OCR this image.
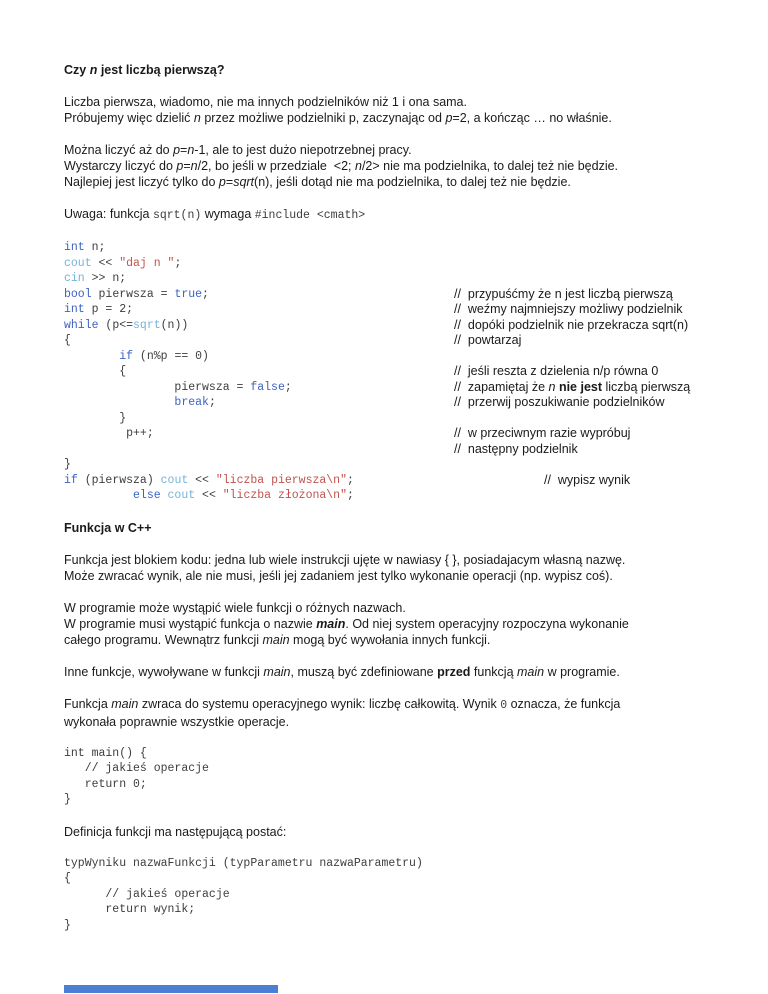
Czy n jest liczbą pierwszą?
Liczba pierwsza, wiadomo, nie ma innych podzielników niż 1 i ona sama.
Próbujemy więc dzielić n przez możliwe podzielniki p, zaczynając od p=2, a kończąc … no właśnie.
Można liczyć aż do p=n-1, ale to jest dużo niepotrzebnej pracy.
Wystarczy liczyć do p=n/2, bo jeśli w przedziale  <2; n/2> nie ma podzielnika, to dalej też nie będzie.
Najlepiej jest liczyć tylko do p=sqrt(n), jeśli dotąd nie ma podzielnika, to dalej też nie będzie.
Uwaga: funkcja sqrt(n) wymaga #include <cmath>
int n;
cout << "daj n ";
cin >> n;
bool pierwsza = true;	//  przypuśćmy że n jest liczbą pierwszą
int p = 2;	//  weźmy najmniejszy możliwy podzielnik
while (p<=sqrt(n))	//  dopóki podzielnik nie przekracza sqrt(n)
{	//  powtarzaj
if (n%p == 0)
{	//  jeśli reszta z dzielenia n/p równa 0
pierwsza = false;	//  zapamiętaj że n nie jest liczbą pierwszą
break;	//  przerwij poszukiwanie podzielników
}
p++;	//  w przeciwnym razie wypróbuj
//  następny podzielnik
}
if (pierwsza) cout << "liczba pierwsza\n";	//  wypisz wynik
else cout << "liczba złożona\n";
Funkcja w C++
Funkcja jest blokiem kodu: jedna lub wiele instrukcji ujęte w nawiasy { }, posiadajacym własną nazwę.
Może zwracać wynik, ale nie musi, jeśli jej zadaniem jest tylko wykonanie operacji (np. wypisz coś).
W programie może wystąpić wiele funkcji o różnych nazwach.
W programie musi wystąpić funkcja o nazwie main. Od niej system operacyjny rozpoczyna wykonanie
całego programu. Wewnątrz funkcji main mogą być wywołania innych funkcji.
Inne funkcje, wywoływane w funkcji main, muszą być zdefiniowane przed funkcją main w programie.
Funkcja main zwraca do systemu operacyjnego wynik: liczbę całkowitą. Wynik 0 oznacza, że funkcja
wykonała poprawnie wszystkie operacje.
int main() {
// jakieś operacje
return 0;
}
Definicja funkcji ma następującą postać:
typWyniku nazwaFunkcji (typParametru nazwaParametru)
{
// jakieś operacje
return wynik;
}
